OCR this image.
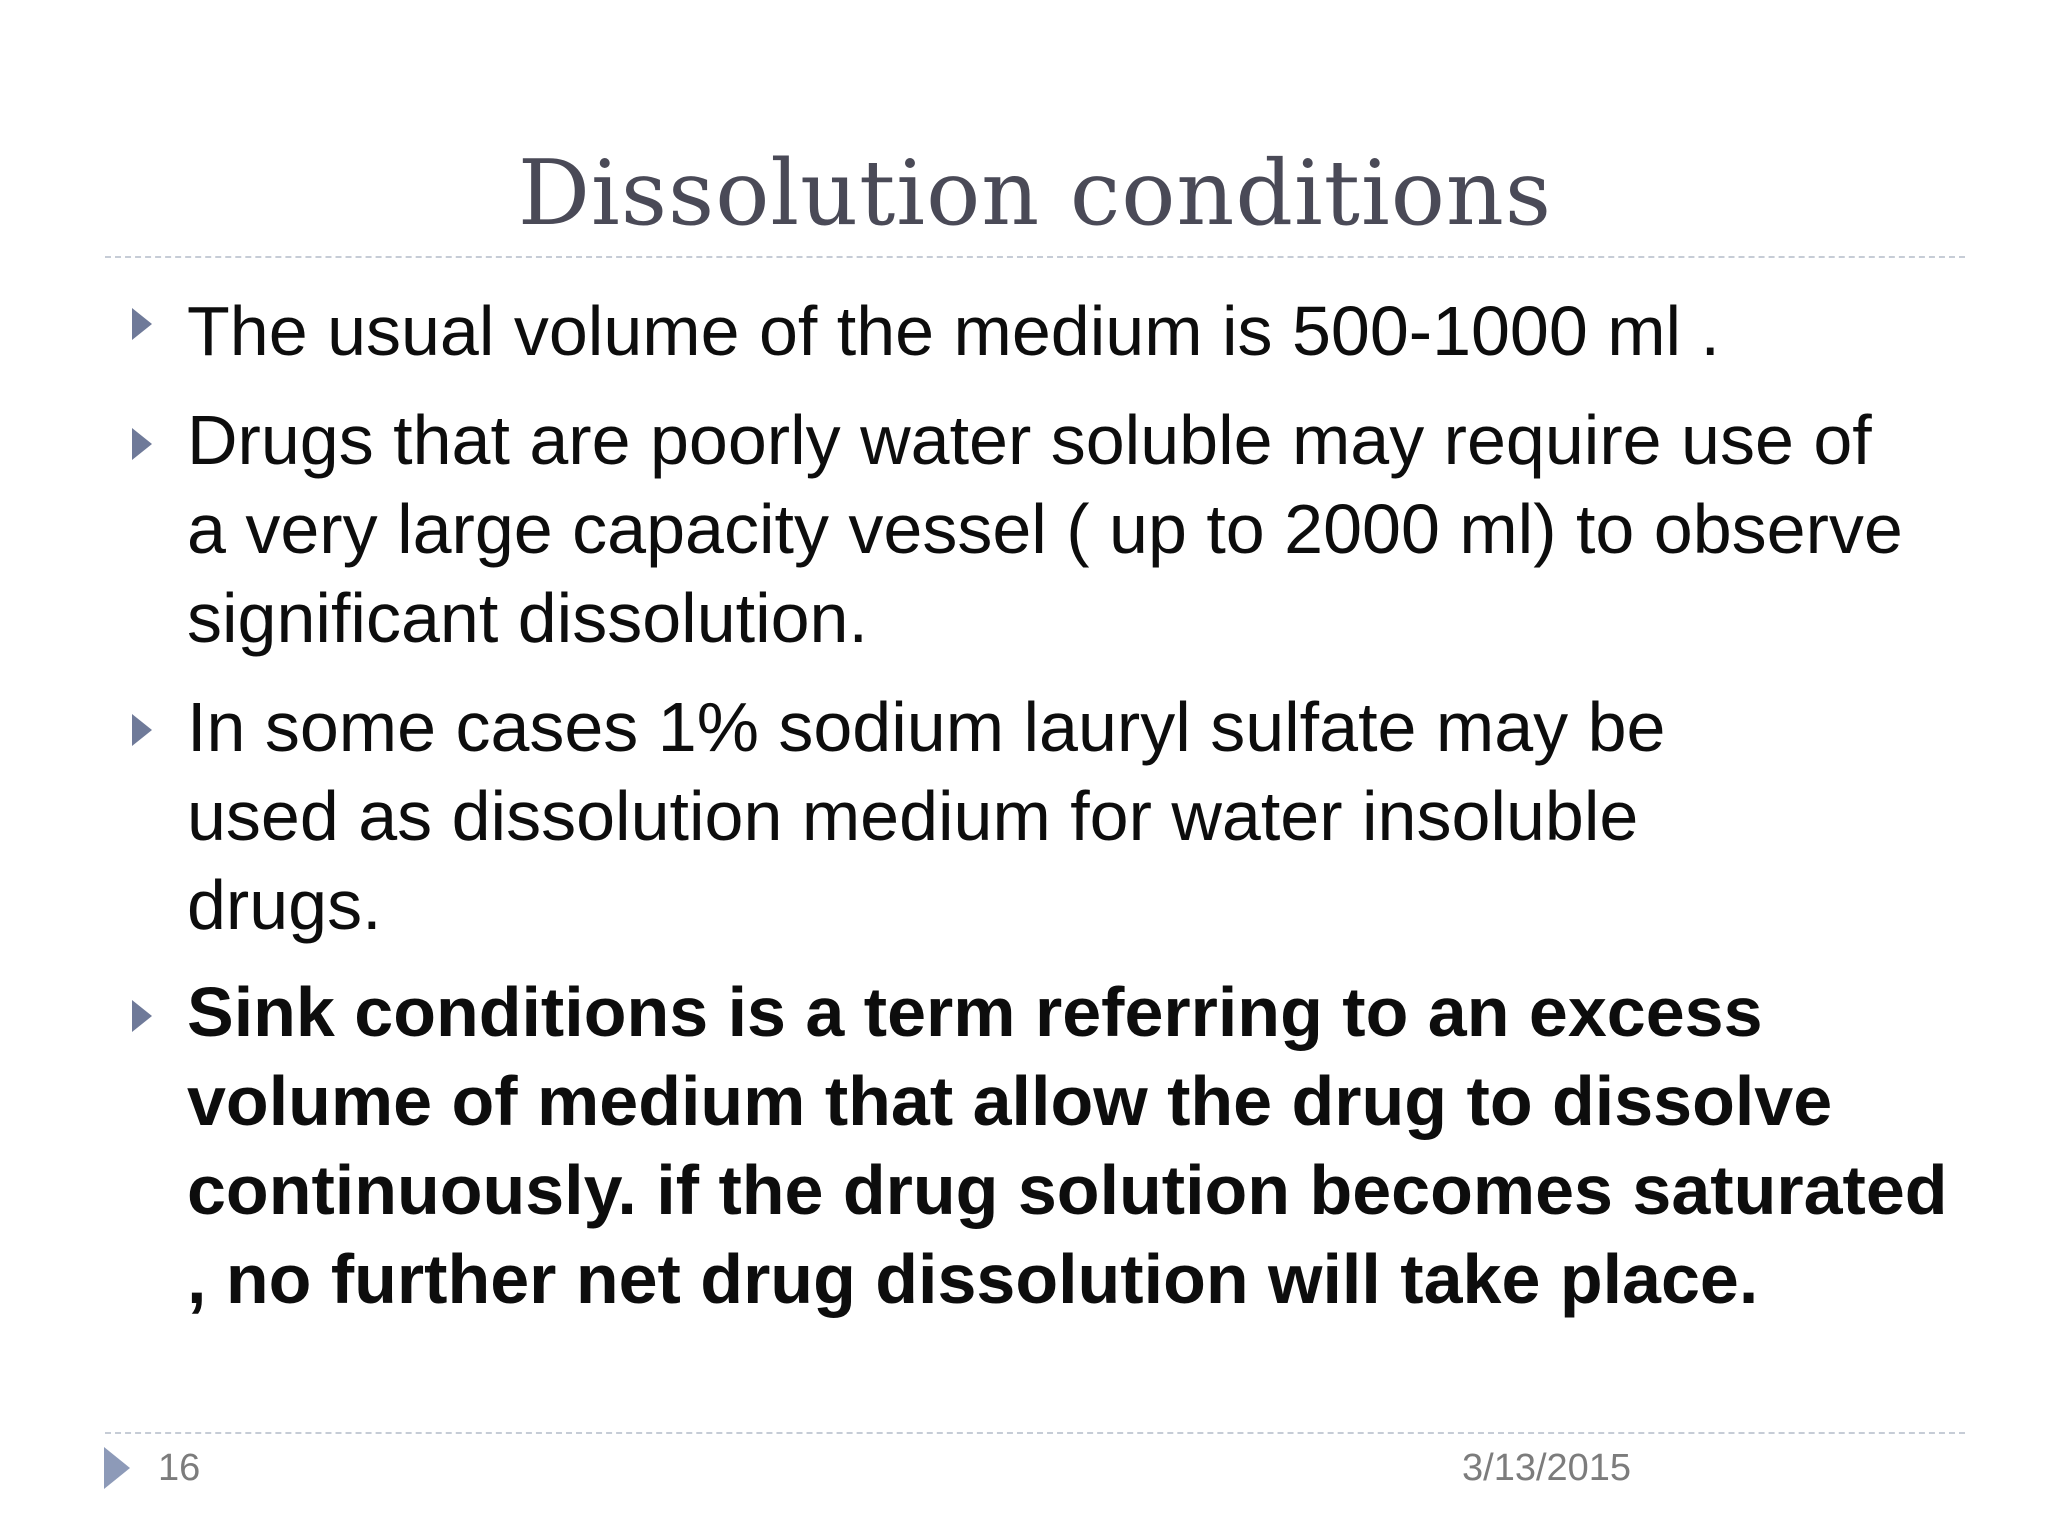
Dissolution conditions

The usual volume of the medium is 500-1000 ml .

Drugs that are poorly water soluble may require use of a very large capacity vessel ( up to 2000 ml) to observe significant dissolution.

In some cases 1% sodium lauryl sulfate may be used as dissolution medium for water insoluble drugs.

Sink conditions is a term referring to an excess volume of medium that allow the drug to dissolve continuously. if the drug solution becomes saturated , no further net drug dissolution will take place.

16	3/13/2015
